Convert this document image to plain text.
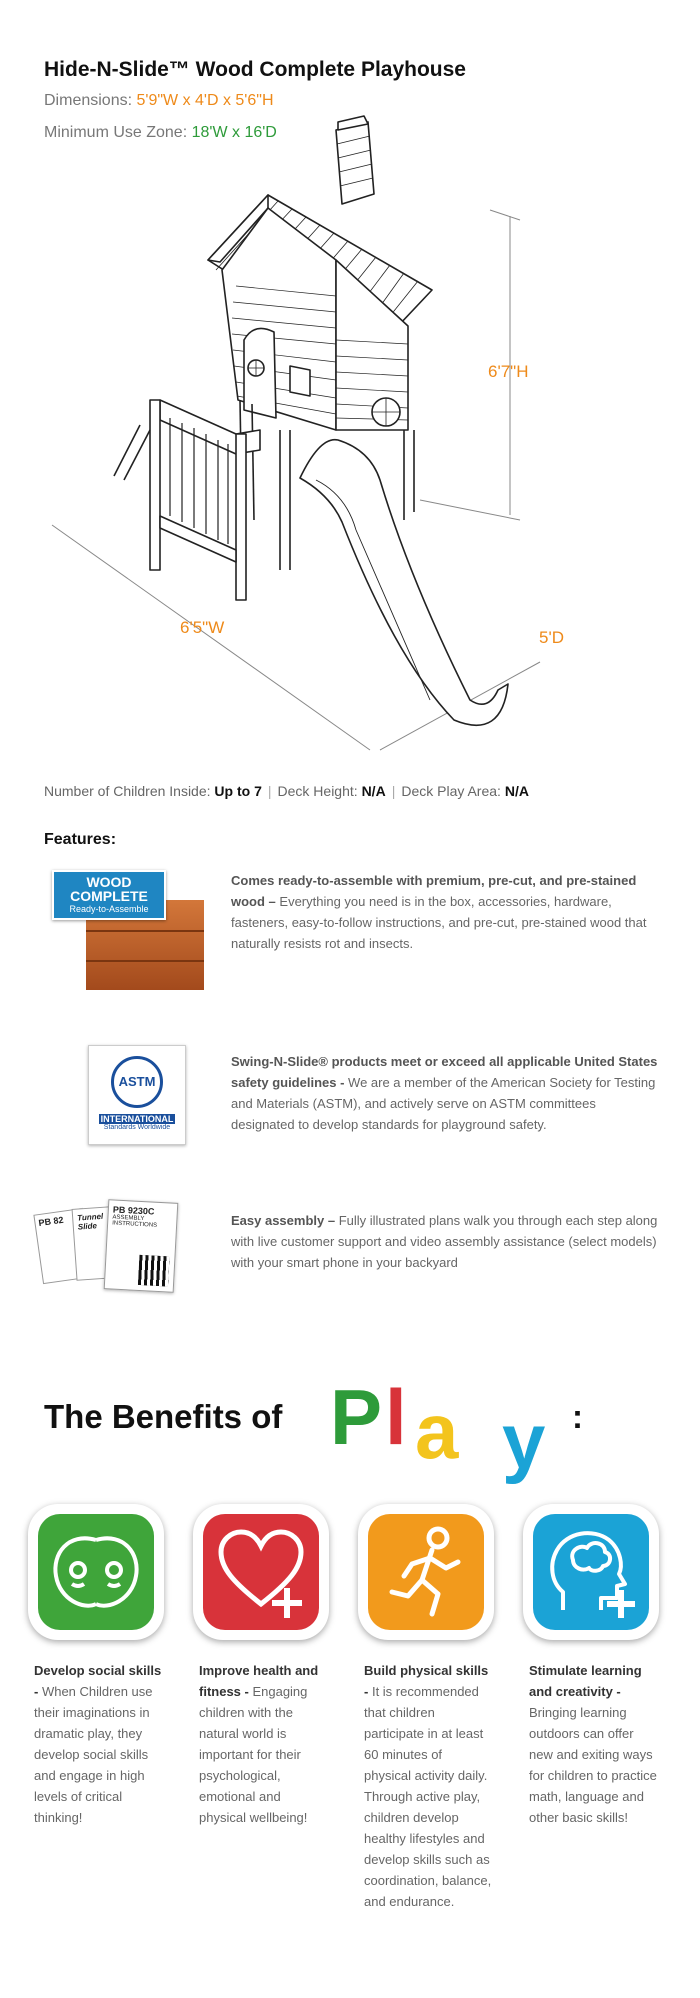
Hide-N-Slide™ Wood Complete Playhouse
Dimensions: 5'9"W x 4'D x 5'6"H
Minimum Use Zone: 18'W x 16'D
6'7"H
6'5"W
5'D
Number of Children Inside: Up to 7 | Deck Height: N/A | Deck Play Area: N/A
Features:
WOOD
COMPLETE
Ready-to-Assemble
Comes ready-to-assemble with premium, pre-cut, and pre-stained wood – Everything you need is in the box, accessories, hardware, fasteners, easy-to-follow instructions, and pre-cut, pre-stained wood that naturally resists rot and insects.
ASTM
INTERNATIONAL
Standards Worldwide
Swing-N-Slide® products meet or exceed all applicable United States safety guidelines - We are a member of the American Society for Testing and Materials (ASTM), and actively serve on ASTM committees designated to develop standards for playground safety.
PB 82	Tunnel Slide
PB 9230C
ASSEMBLY INSTRUCTIONS	Easy assembly – Fully illustrated plans walk you through each step along with live customer support and video assembly assistance (select models) with your smart phone in your backyard
The Benefits of P l a y :
Develop social skills - When Children use their imaginations in dramatic play, they develop social skills and engage in high levels of critical thinking!
Improve health and fitness - Engaging children with the natural world is important for their psychological, emotional and physical wellbeing!
Build physical skills - It is recommended that children participate in at least 60 minutes of physical activity daily. Through active play, children develop healthy lifestyles and develop skills such as coordination, balance, and endurance.
Stimulate learning and creativity - Bringing learning outdoors can offer new and exiting ways for children to practice math, language and other basic skills!
